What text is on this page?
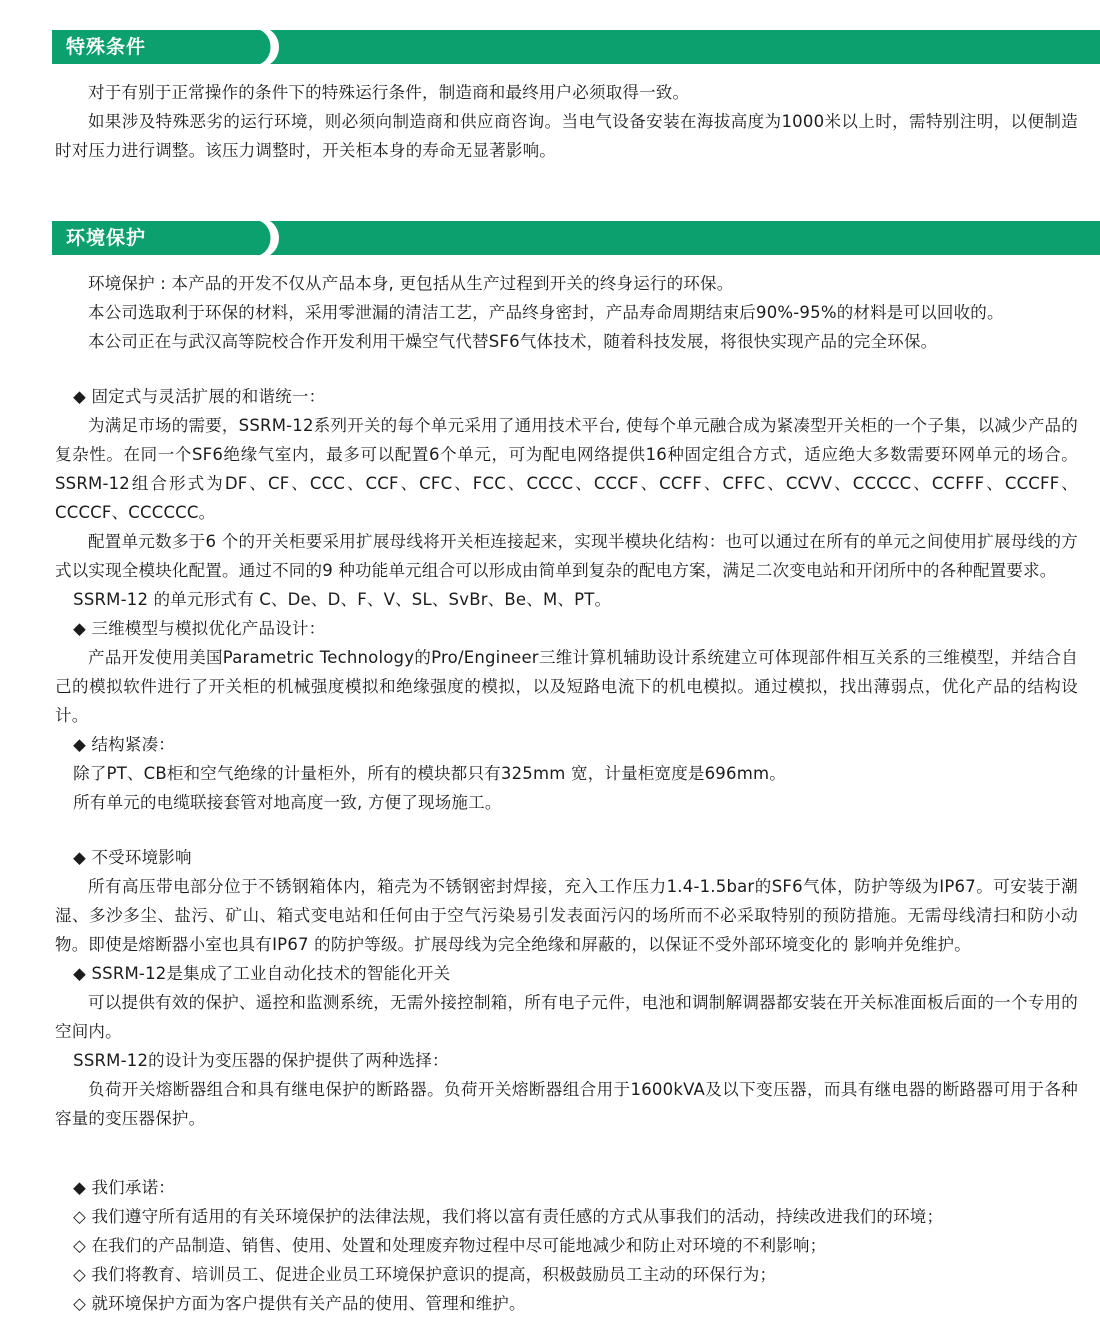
特殊条件

对于有别于正常操作的条件下的特殊运行条件，制造商和最终用户必须取得一致。

如果涉及特殊恶劣的运行环境，则必须向制造商和供应商咨询。当电气设备安装在海拔高度为1000米以上时，需特别注明，以便制造时对压力进行调整。该压力调整时，开关柜本身的寿命无显著影响。

环境保护

环境保护 : 本产品的开发不仅从产品本身, 更包括从生产过程到开关的终身运行的环保。

本公司选取利于环保的材料，采用零泄漏的清洁工艺，产品终身密封，产品寿命周期结束后90%-95%的材料是可以回收的。

本公司正在与武汉高等院校合作开发利用干燥空气代替SF6气体技术，随着科技发展，将很快实现产品的完全环保。

◆ 固定式与灵活扩展的和谐统一：

为满足市场的需要，SSRM-12系列开关的每个单元采用了通用技术平台, 使每个单元融合成为紧凑型开关柜的一个子集，以减少产品的复杂性。在同一个SF6绝缘气室内，最多可以配置6个单元，可为配电网络提供16种固定组合方式，适应绝大多数需要环网单元的场合。SSRM-12组合形式为DF、CF、CCC、CCF、CFC、FCC、CCCC、CCCF、CCFF、CFFC、CCVV、CCCCC、CCFFF、CCCFF、CCCCF、CCCCCC。

配置单元数多于6 个的开关柜要采用扩展母线将开关柜连接起来，实现半模块化结构：也可以通过在所有的单元之间使用扩展母线的方式以实现全模块化配置。通过不同的9 种功能单元组合可以形成由简单到复杂的配电方案，满足二次变电站和开闭所中的各种配置要求。

SSRM-12 的单元形式有 C、De、D、F、V、SL、SvBr、Be、M、PT。

◆ 三维模型与模拟优化产品设计：

产品开发使用美国Parametric Technology的Pro/Engineer三维计算机辅助设计系统建立可体现部件相互关系的三维模型，并结合自己的模拟软件进行了开关柜的机械强度模拟和绝缘强度的模拟，以及短路电流下的机电模拟。通过模拟，找出薄弱点，优化产品的结构设计。

◆ 结构紧凑：

除了PT、CB柜和空气绝缘的计量柜外，所有的模块都只有325mm 宽，计量柜宽度是696mm。

所有单元的电缆联接套管对地高度一致, 方便了现场施工。

◆ 不受环境影响

所有高压带电部分位于不锈钢箱体内，箱壳为不锈钢密封焊接，充入工作压力1.4-1.5bar的SF6气体，防护等级为IP67。可安装于潮湿、多沙多尘、盐污、矿山、箱式变电站和任何由于空气污染易引发表面污闪的场所而不必采取特别的预防措施。无需母线清扫和防小动物。即使是熔断器小室也具有IP67 的防护等级。扩展母线为完全绝缘和屏蔽的，以保证不受外部环境变化的 影响并免维护。

◆ SSRM-12是集成了工业自动化技术的智能化开关

可以提供有效的保护、遥控和监测系统，无需外接控制箱，所有电子元件，电池和调制解调器都安装在开关标准面板后面的一个专用的空间内。

SSRM-12的设计为变压器的保护提供了两种选择：

负荷开关熔断器组合和具有继电保护的断路器。负荷开关熔断器组合用于1600kVA及以下变压器，而具有继电器的断路器可用于各种容量的变压器保护。

◆ 我们承诺：

◇ 我们遵守所有适用的有关环境保护的法律法规，我们将以富有责任感的方式从事我们的活动，持续改进我们的环境；

◇ 在我们的产品制造、销售、使用、处置和处理废弃物过程中尽可能地减少和防止对环境的不利影响；

◇ 我们将教育、培训员工、促进企业员工环境保护意识的提高，积极鼓励员工主动的环保行为；

◇ 就环境保护方面为客户提供有关产品的使用、管理和维护。
